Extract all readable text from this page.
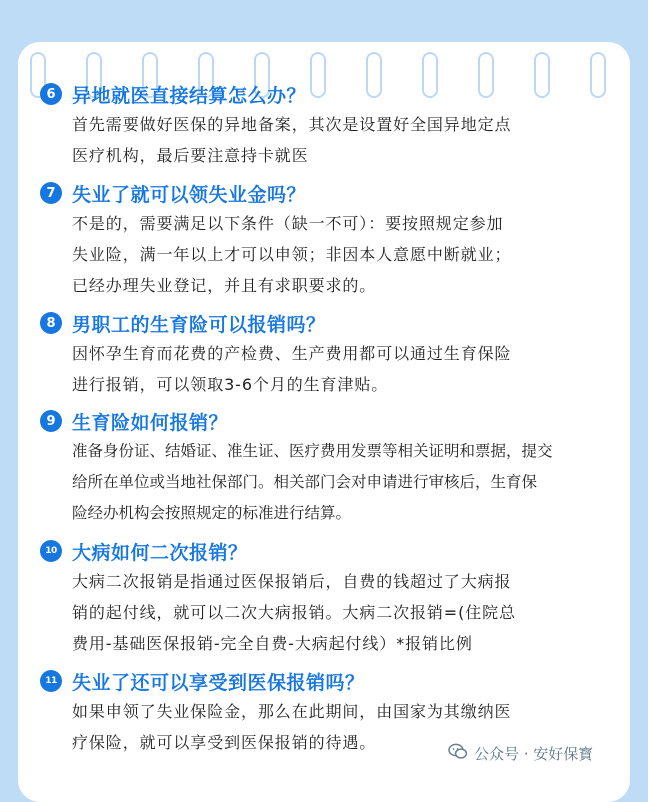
6 异地就医直接结算怎么办？
首先需要做好医保的异地备案，其次是设置好全国异地定点
医疗机构，最后要注意持卡就医
7 失业了就可以领失业金吗？
不是的，需要满足以下条件（缺一不可）：要按照规定参加
失业险，满一年以上才可以申领；非因本人意愿中断就业；
已经办理失业登记，并且有求职要求的。
8 男职工的生育险可以报销吗？
因怀孕生育而花费的产检费、生产费用都可以通过生育保险
进行报销，可以领取3-6个月的生育津贴。
9 生育险如何报销？
准备身份证、结婚证、准生证、医疗费用发票等相关证明和票据，提交
给所在单位或当地社保部门。相关部门会对申请进行审核后，生育保
险经办机构会按照规定的标准进行结算。
10 大病如何二次报销？
大病二次报销是指通过医保报销后，自费的钱超过了大病报
销的起付线，就可以二次大病报销。大病二次报销=(住院总
费用-基础医保报销-完全自费-大病起付线）*报销比例
11 失业了还可以享受到医保报销吗？
如果申领了失业保险金，那么在此期间，由国家为其缴纳医
疗保险，就可以享受到医保报销的待遇。
公众号 · 安好保寳
